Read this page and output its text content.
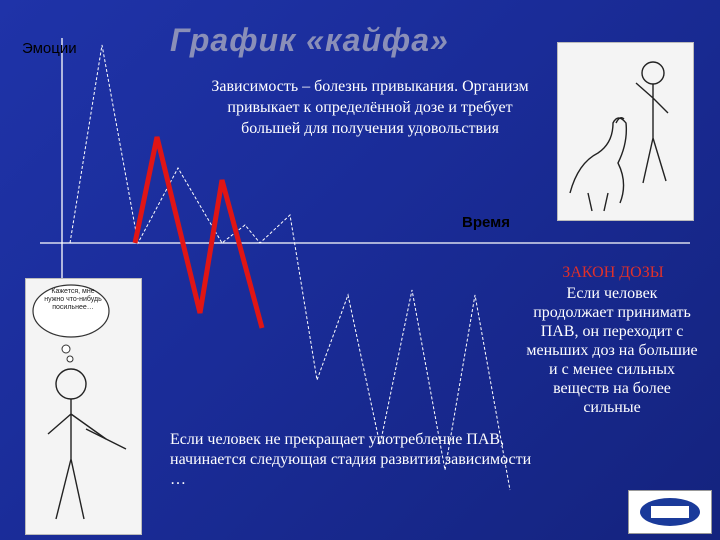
Эмоции	График «кайфа»
Зависимость – болезнь привыкания. Организм привыкает к определённой дозе и требует большей для получения удовольствия
Время
ЗАКОН ДОЗЫ
Если человек продолжает принимать ПАВ, он переходит с меньших доз на большие и с менее сильных веществ на более сильные
Если человек не прекращает употребление ПАВ, начинается следующая стадия развития зависимости …
Кажется, мне нужно что-нибудь посильнее…
